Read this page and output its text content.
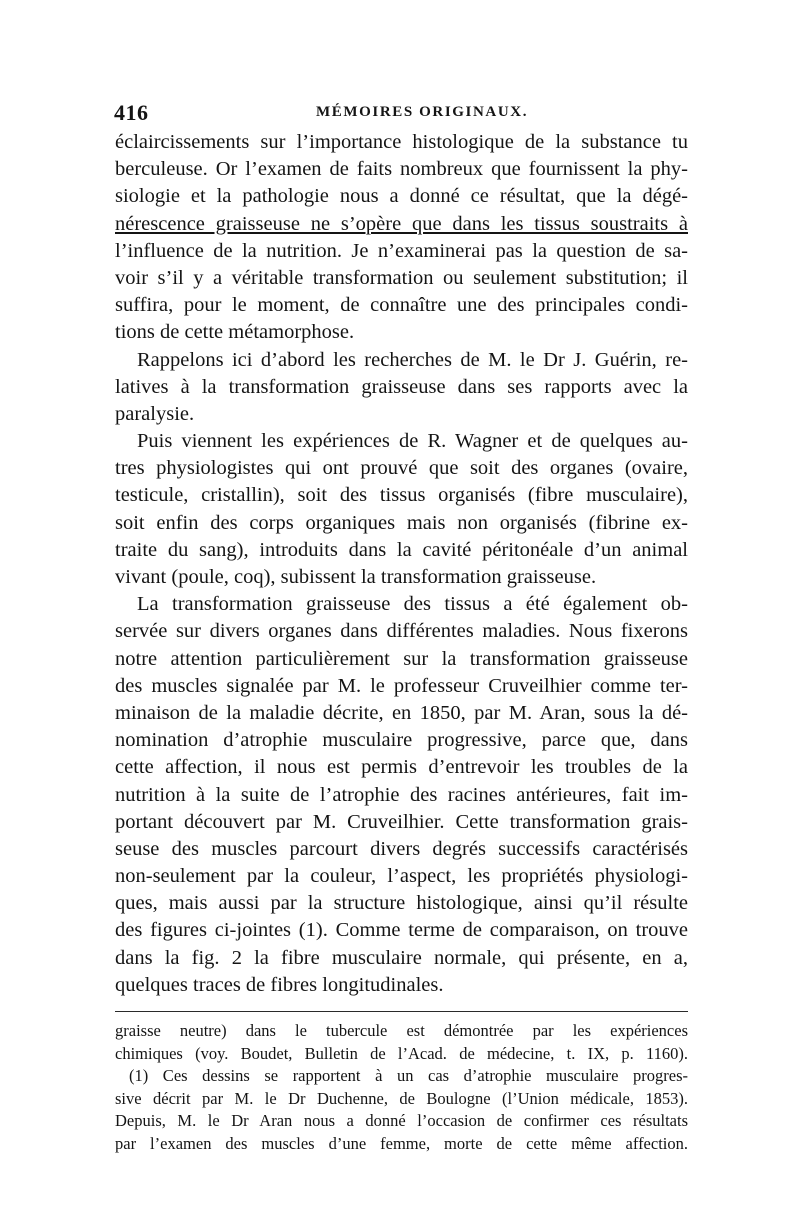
416	MÉMOIRES ORIGINAUX.
éclaircissements sur l’importance histologique de la substance tu
berculeuse. Or l’examen de faits nombreux que fournissent la phy-
siologie et la pathologie nous a donné ce résultat, que la dégé-
nérescence graisseuse ne s’opère que dans les tissus soustraits à
l’influence de la nutrition. Je n’examinerai pas la question de sa-
voir s’il y a véritable transformation ou seulement substitution; il
suffira, pour le moment, de connaître une des principales condi-
tions de cette métamorphose.
Rappelons ici d’abord les recherches de M. le Dr J. Guérin, re-
latives à la transformation graisseuse dans ses rapports avec la
paralysie.
Puis viennent les expériences de R. Wagner et de quelques au-
tres physiologistes qui ont prouvé que soit des organes (ovaire,
testicule, cristallin), soit des tissus organisés (fibre musculaire),
soit enfin des corps organiques mais non organisés (fibrine ex-
traite du sang), introduits dans la cavité péritonéale d’un animal
vivant (poule, coq), subissent la transformation graisseuse.
La transformation graisseuse des tissus a été également ob-
servée sur divers organes dans différentes maladies. Nous fixerons
notre attention particulièrement sur la transformation graisseuse
des muscles signalée par M. le professeur Cruveilhier comme ter-
minaison de la maladie décrite, en 1850, par M. Aran, sous la dé-
nomination d’atrophie musculaire progressive, parce que, dans
cette affection, il nous est permis d’entrevoir les troubles de la
nutrition à la suite de l’atrophie des racines antérieures, fait im-
portant découvert par M. Cruveilhier. Cette transformation grais-
seuse des muscles parcourt divers degrés successifs caractérisés
non-seulement par la couleur, l’aspect, les propriétés physiologi-
ques, mais aussi par la structure histologique, ainsi qu’il résulte
des figures ci-jointes (1). Comme terme de comparaison, on trouve
dans la fig. 2 la fibre musculaire normale, qui présente, en a,
quelques traces de fibres longitudinales.
graisse neutre) dans le tubercule est démontrée par les expériences
chimiques (voy. Boudet, Bulletin de l’Acad. de médecine, t. IX, p. 1160).
(1) Ces dessins se rapportent à un cas d’atrophie musculaire progres-
sive décrit par M. le Dr Duchenne, de Boulogne (l’Union médicale, 1853).
Depuis, M. le Dr Aran nous a donné l’occasion de confirmer ces résultats
par l’examen des muscles d’une femme, morte de cette même affection.
